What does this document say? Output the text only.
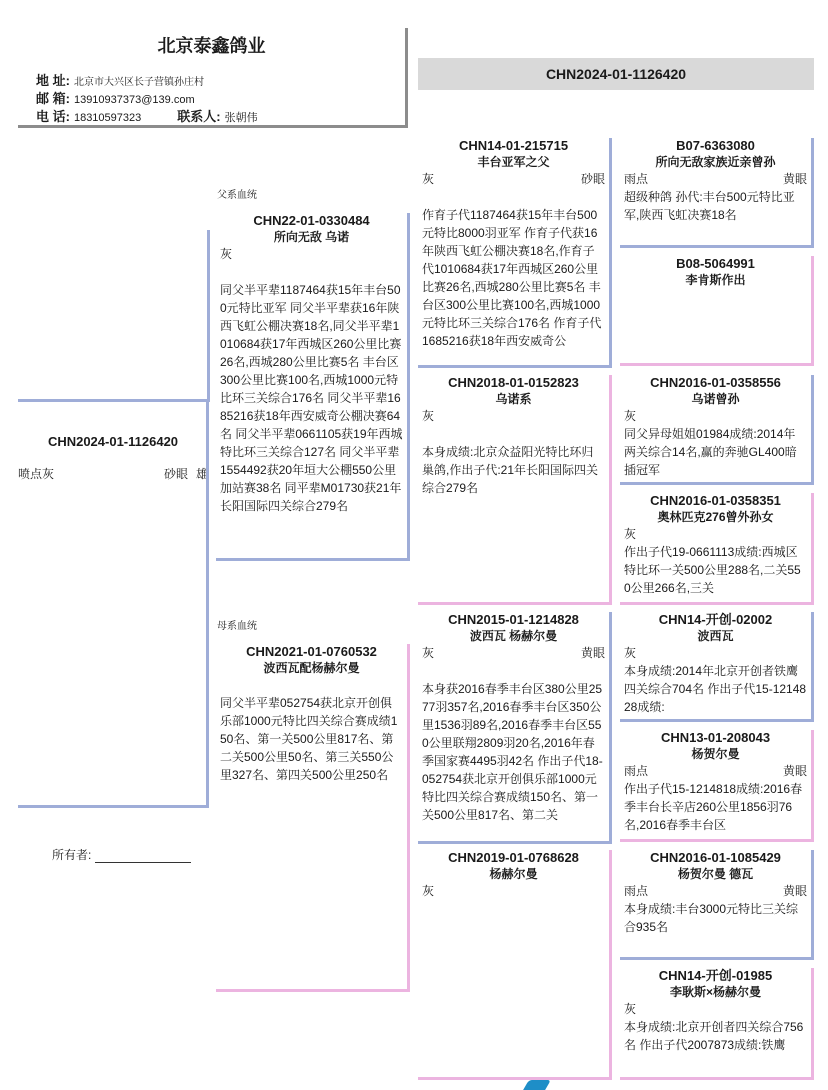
北京泰鑫鸽业
地 址: 北京市大兴区长子营镇孙庄村
邮 箱: 13910937373@139.com
电 话: 18310597323	联系人: 张朝伟
CHN2024-01-1126420
CHN2024-01-1126420
喷点灰	砂眼 雄
所有者:
父系血统
母系血统
CHN22-01-0330484
所向无敌 乌诺
灰
同父半平辈1187464获15年丰台500元特比亚军 同父半平辈获16年陕西飞虹公棚决赛18名,同父半平辈1010684获17年西城区260公里比赛26名,西城280公里比赛5名 丰台区300公里比赛100名,西城1000元特比环三关综合176名 同父半平辈1685216获18年西安威奇公棚决赛64名 同父半平辈0661105获19年西城特比环三关综合127名 同父半平辈1554492获20年垣大公棚550公里加站赛38名 同平辈M01730获21年长阳国际四关综合279名
CHN2021-01-0760532
波西瓦配杨赫尔曼
同父半平辈052754获北京开创俱乐部1000元特比四关综合赛成绩150名、第一关500公里817名、第二关500公里50名、第三关550公里327名、第四关500公里250名
CHN14-01-215715
丰台亚军之父
灰	砂眼
作育子代1187464获15年丰台500元特比8000羽亚军 作育子代获16年陕西飞虹公棚决赛18名,作育子代1010684获17年西城区260公里比赛26名,西城280公里比赛5名 丰台区300公里比赛100名,西城1000元特比环三关综合176名 作育子代1685216获18年西安威奇公
CHN2018-01-0152823
乌诺系
灰
本身成绩:北京众益阳光特比环归巢鸽,作出子代:21年长阳国际四关综合279名
CHN2015-01-1214828
波西瓦 杨赫尔曼
灰	黄眼
本身获2016春季丰台区380公里2577羽357名,2016春季丰台区350公里1536羽89名,2016春季丰台区550公里联翔2809羽20名,2016年春季国家赛4495羽42名 作出子代18-052754获北京开创俱乐部1000元特比四关综合赛成绩150名、第一关500公里817名、第二关
CHN2019-01-0768628
杨赫尔曼
灰
B07-6363080
所向无敌家族近亲曾孙
雨点	黄眼
超级种鸽 孙代:丰台500元特比亚军,陕西飞虹决赛18名
B08-5064991
李肯斯作出
CHN2016-01-0358556
乌诺曾孙
灰
同父异母姐姐01984成绩:2014年两关综合14名,赢的奔驰GL400暗插冠军
CHN2016-01-0358351
奥林匹克276曾外孙女
灰
作出子代19-0661113成绩:西城区特比环一关500公里288名,二关550公里266名,三关
CHN14-开创-02002
波西瓦
灰
本身成绩:2014年北京开创者铁鹰四关综合704名 作出子代15-1214828成绩:
CHN13-01-208043
杨贺尔曼
雨点	黄眼
作出子代15-1214818成绩:2016春季丰台长辛店260公里1856羽76名,2016春季丰台区
CHN2016-01-1085429
杨贺尔曼 德瓦
雨点	黄眼
本身成绩:丰台3000元特比三关综合935名
CHN14-开创-01985
李耿斯×杨赫尔曼
灰
本身成绩:北京开创者四关综合756名 作出子代2007873成绩:铁鹰
